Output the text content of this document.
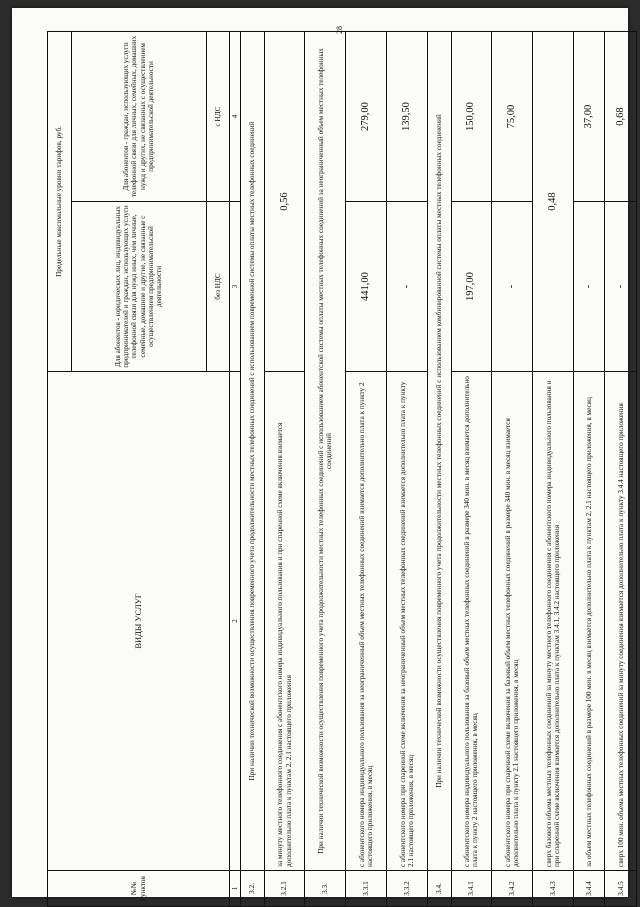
28
№№ пунктов	ВИДЫ УСЛУГ	Предельные максимальные уровни тарифов, руб.	
		Для абонентов - юридических лиц, индивидуальных предпринимателей и граждан, использующих услуги телефонной связи для нужд иных, чем личные, семейные, домашние и другие, не связанные с осуществлением предпринимательской деятельности	Для абонентов - граждан, использующих услуги телефонной связи для личных, семейных, домашних нужд и других, не связанных с осуществлением предпринимательской деятельности
		без НДС	с НДС
1	2	3	4
3.2.	При наличии технической возможности осуществления повременного учета продолжительности местных телефонных соединений с использованием повременной системы оплаты местных телефонных соединений		
3.2.1	за минуту местного телефонного соединения с абонентского номера индивидуального пользования и при спаренной схеме включения взимается дополнительно плата к пунктам 2, 2.1 настоящего приложения	0,56	
3.3.	При наличии технической возможности осуществления повременного учета продолжительности местных телефонных соединений с использованием абонентской системы оплаты местных телефонных соединений за неограниченный объем местных телефонных соединений		
3.3.1	с абонентского номера индивидуального пользования за неограниченный объем местных телефонных соединений взимается дополнительно плата к пункту 2 настоящего приложения, в месяц	441,00	279,00
3.3.2	с абонентского номера при спаренной схеме включения за неограниченный объем местных телефонных соединений взимается дополнительно плата к пункту 2.1 настоящего приложения, в месяц	-	139,50
3.4.	При наличии технической возможности осуществления повременного учета продолжительности местных телефонных соединений с использованием комбинированной системы оплаты местных телефонных соединений		
3.4.1	с абонентского номера индивидуального пользования за базовый объем местных телефонных соединений в размере 340 мин. в месяц взимается дополнительно плата к пункту 2 настоящего приложения, в месяц	197,00	150,00
3.4.2	с абонентского номера при спаренной схеме включения за базовый объем местных телефонных соединений в размере 340 мин. в месяц взимается дополнительно плата к пункту 2.1 настоящего приложения, в месяц	-	75,00
3.4.3	сверх базового объема местных телефонных соединений за минуту местного телефонного соединения с абонентского номера индивидуального пользования и при спаренной схеме включения взимается дополнительно плата к пунктам 3.4.1, 3.4.2 настоящего приложения	0,48	
3.4.4	за объем местных телефонных соединений в размере 100 мин. в месяц взимается дополнительно плата к пунктам 2, 2.1 настоящего приложения, в месяц	-	37,00
3.4.5	сверх 100 мин. объема местных телефонных соединений за минуту соединения взимается дополнительно плата к пункту 3.4.4 настоящего приложения	-	0,68
